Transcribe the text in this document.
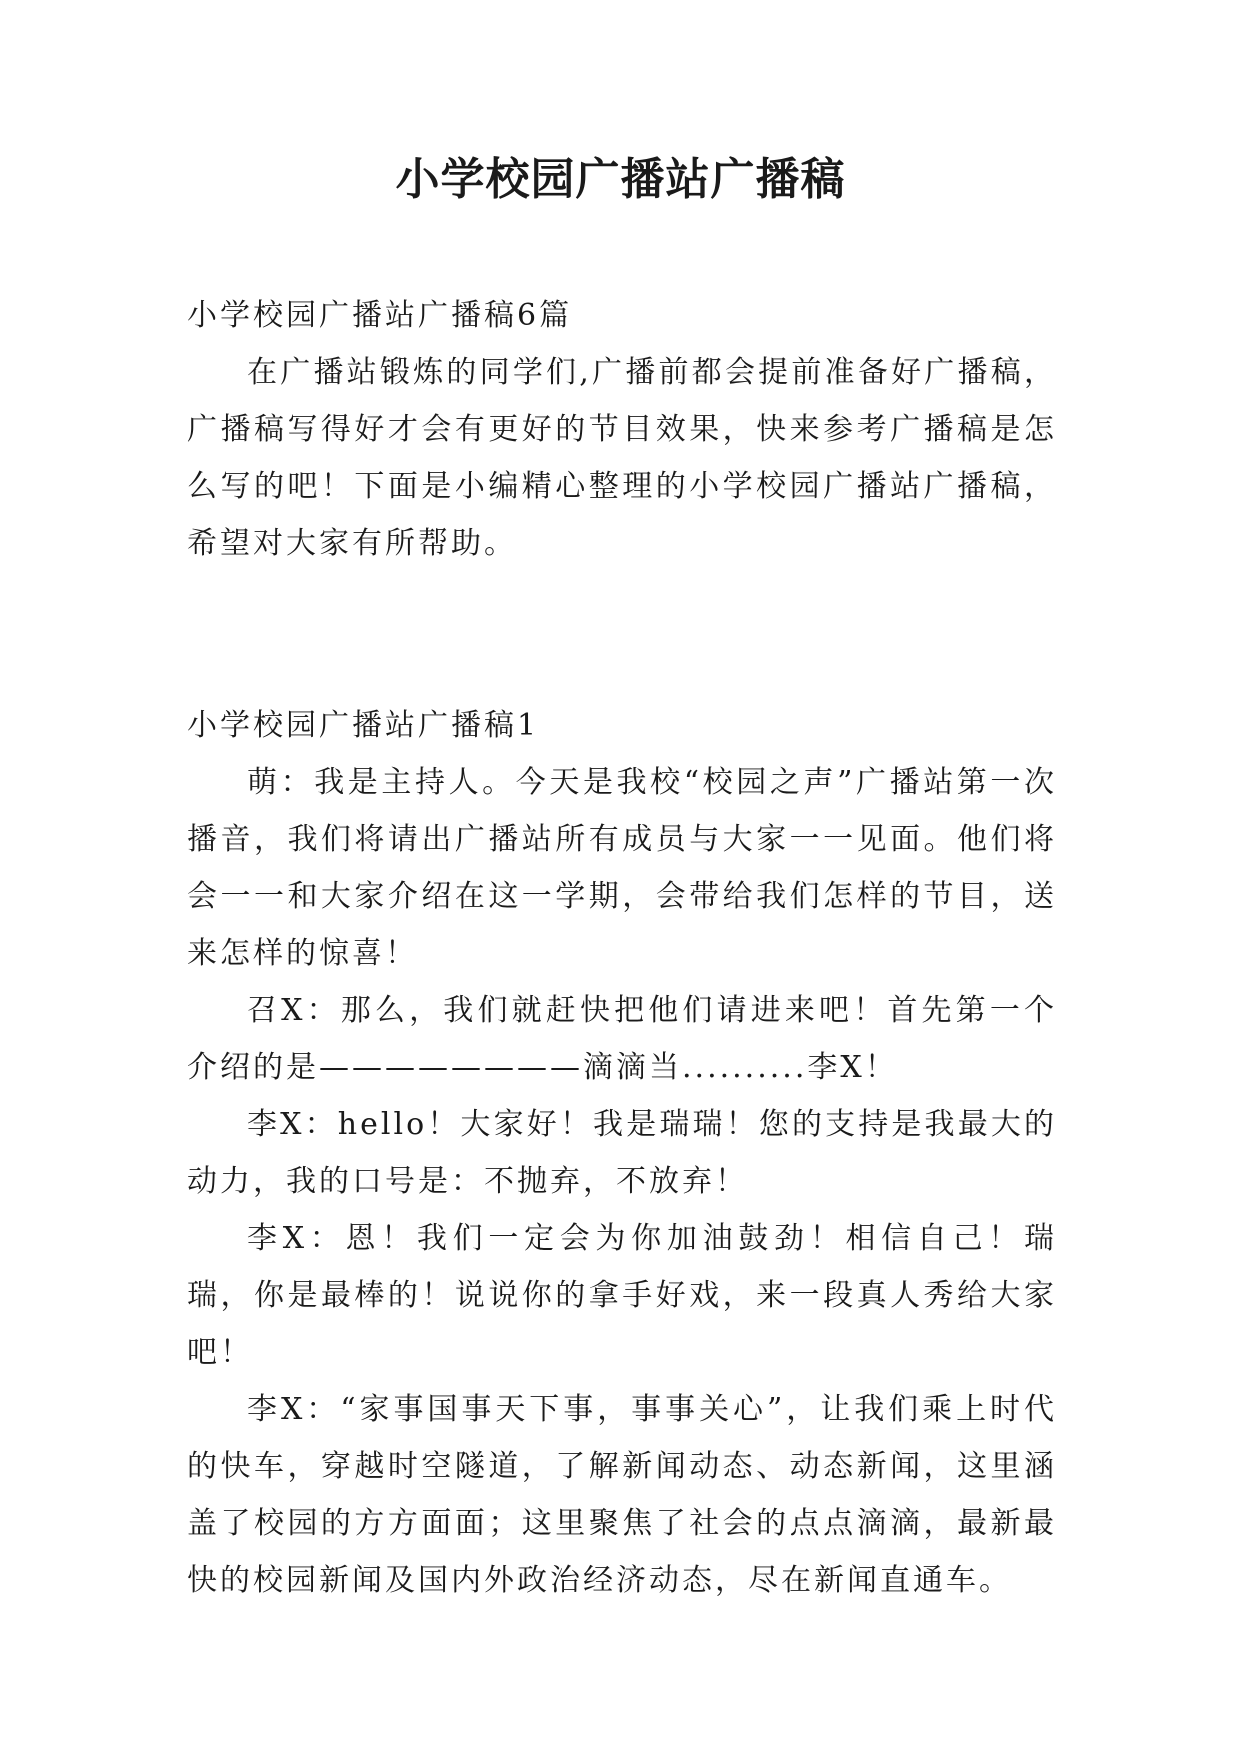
小学校园广播站广播稿

小学校园广播站广播稿6篇

在广播站锻炼的同学们,广播前都会提前准备好广播稿，广播稿写得好才会有更好的节目效果，快来参考广播稿是怎么写的吧！下面是小编精心整理的小学校园广播站广播稿，希望对大家有所帮助。

小学校园广播站广播稿1

萌：我是主持人。今天是我校“校园之声”广播站第一次播音，我们将请出广播站所有成员与大家一一见面。他们将会一一和大家介绍在这一学期，会带给我们怎样的节目，送来怎样的惊喜！

召X：那么，我们就赶快把他们请进来吧！首先第一个介绍的是————————滴滴当..........李X！

李X：hello！大家好！我是瑞瑞！您的支持是我最大的动力，我的口号是：不抛弃，不放弃！

李X：恩！我们一定会为你加油鼓劲！相信自己！瑞瑞，你是最棒的！说说你的拿手好戏，来一段真人秀给大家吧！

李X：“家事国事天下事，事事关心”，让我们乘上时代的快车，穿越时空隧道，了解新闻动态、动态新闻，这里涵盖了校园的方方面面；这里聚焦了社会的点点滴滴，最新最快的校园新闻及国内外政治经济动态，尽在新闻直通车。
